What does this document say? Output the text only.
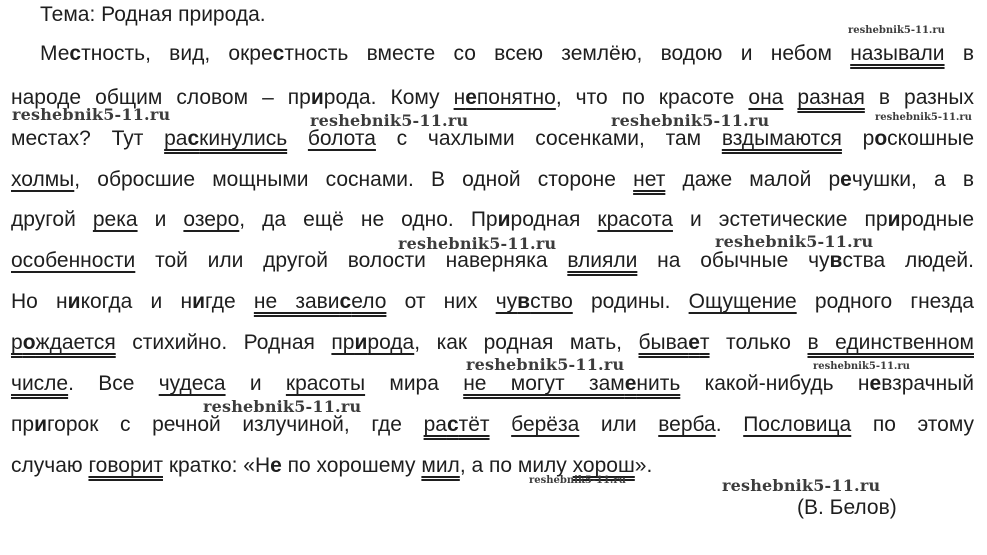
Тема: Родная природа.
Местность, вид, окрестность вместе со всею землёю, водою и небом называли в
народе общим словом – природа. Кому непонятно, что по красоте она разная в разных
местах? Тут раскинулись болота с чахлыми сосенками, там вздымаются роскошные
холмы, обросшие мощными соснами. В одной стороне нет даже малой речушки, а в
другой река и озеро, да ещё не одно. Природная красота и эстетические природные
особенности той или другой волости наверняка влияли на обычные чувства людей.
Но никогда и нигде не зависело от них чувство родины. Ощущение родного гнезда
рождается стихийно. Родная природа, как родная мать, бывает только в единственном
числе. Все чудеса и красоты мира не могут заменить какой-нибудь невзрачный
пригорок с речной излучиной, где растёт берёза или верба. Пословица по этому
случаю говорит кратко: «Не по хорошему мил, а по милу хорош».
(В. Белов)
reshebnik5-11.ru
reshebnik5-11.ru	reshebnik5-11.ru	reshebnik5-11.ru	reshebnik5-11.ru
reshebnik5-11.ru	reshebnik5-11.ru
reshebnik5-11.ru	reshebnik5-11.ru
reshebnik5-11.ru
reshebnik5-11.ru	reshebnik5-11.ru
